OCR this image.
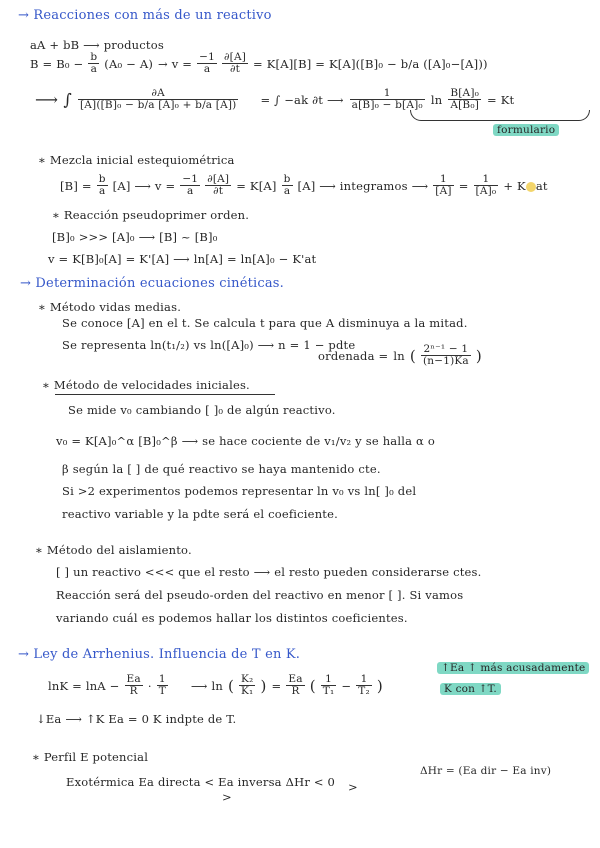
→ Reacciones con más de un reactivo
aA + bB ⟶ productos
$B = B_0 - \frac{b}{a} (A_0 - A) \to v = \frac{-1}{a} \frac{\partial[A]}{\partial t} = K[A][B] = K[A]([B]_0 - b/a$ ([A]₀−[A]))
⟶ ∫ $\frac{\partial A}{\text{[A]([B]₀ − b/a [A]₀ + b/a [A])}}$ = ∫ −ak ∂t ⟶ $\frac{1}{\text{a[B]₀ − b[A]₀}}$ $\ln \frac{\text{B[A]₀}}{\text{A[B₀]}} = Kt$
formulario
∗ Mezcla inicial estequiométrica
$[B] = \frac{b}{a} [A]$ ⟶ $v = \frac{-1}{a} \frac{\partial[A]}{\partial t} = K[A] \frac{b}{a} [A]$ ⟶ integramos ⟶ $\frac{1}{[A]} = \frac{1}{\text{[A]₀}} + K$ at
∗ Reacción pseudoprimer orden.
[B]₀ >>> [A]₀ ⟶ [B] ~ [B]₀
v = K[B]₀[A] = K'[A] ⟶ ln[A] = ln[A]₀ − K'at
→ Determinación ecuaciones cinéticas.
∗ Método vidas medias.
Se conoce [A] en el t. Se calcula t para que A disminuya a la mitad.
Se representa ln(t₁/₂) vs ln([A]₀) ⟶ n = 1 − pdte
ordenada = ln ( $\frac{\text{2ⁿ⁻¹ − 1}}{(n-1)Ka}$ )
∗ Método de velocidades iniciales.
Se mide v₀ cambiando [ ]₀ de algún reactivo.
v₀ = K[A]₀^α [B]₀^β ⟶ se hace cociente de v₁/v₂ y se halla α o
β según la [ ] de qué reactivo se haya mantenido cte.
Si >2 experimentos podemos representar ln v₀ vs ln[ ]₀ del
reactivo variable y la pdte será el coeficiente.
∗ Método del aislamiento.
[ ] un reactivo <<< que el resto ⟶ el resto pueden considerarse ctes.
Reacción será del pseudo-orden del reactivo en menor [ ]. Si vamos
variando cuál es podemos hallar los distintos coeficientes.
→ Ley de Arrhenius. Influencia de T en K.
$\ln K = \ln A - \frac{Ea}{R} \cdot \frac{1}{T}$ ⟶ ln ( $\frac{\text{K₂}}{\text{K₁}}$ ) = $\frac{Ea}{R}$ ( $\frac{1}{\text{T₁}} - \frac{1}{\text{T₂}}$ )
↑Ea ↑ más acusadamente
K con ↑T.
↓Ea ⟶ ↑K Ea = 0 K indpte de T.
∗ Perfil E potencial
Exotérmica Ea directa < Ea inversa ΔHr < 0
>
>
ΔHr = (Ea dir − Ea inv)
